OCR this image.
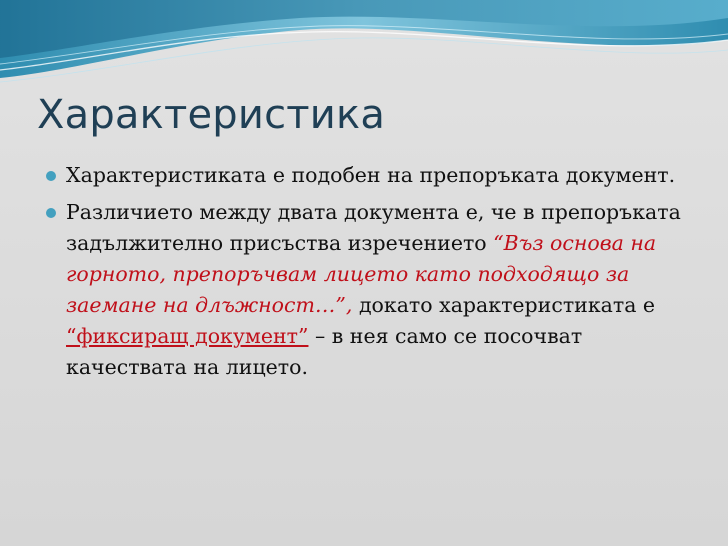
Характеристика
Характеристиката е подобен на препоръката документ.
Различието между двата документа е, че в препоръката задължително присъства изречението “Въз основа на горното, препоръчвам лицето като подходящо за заемане на длъжност…”, докато характеристиката е “фиксиращ документ” – в нея само се посочват качествата на лицето.
